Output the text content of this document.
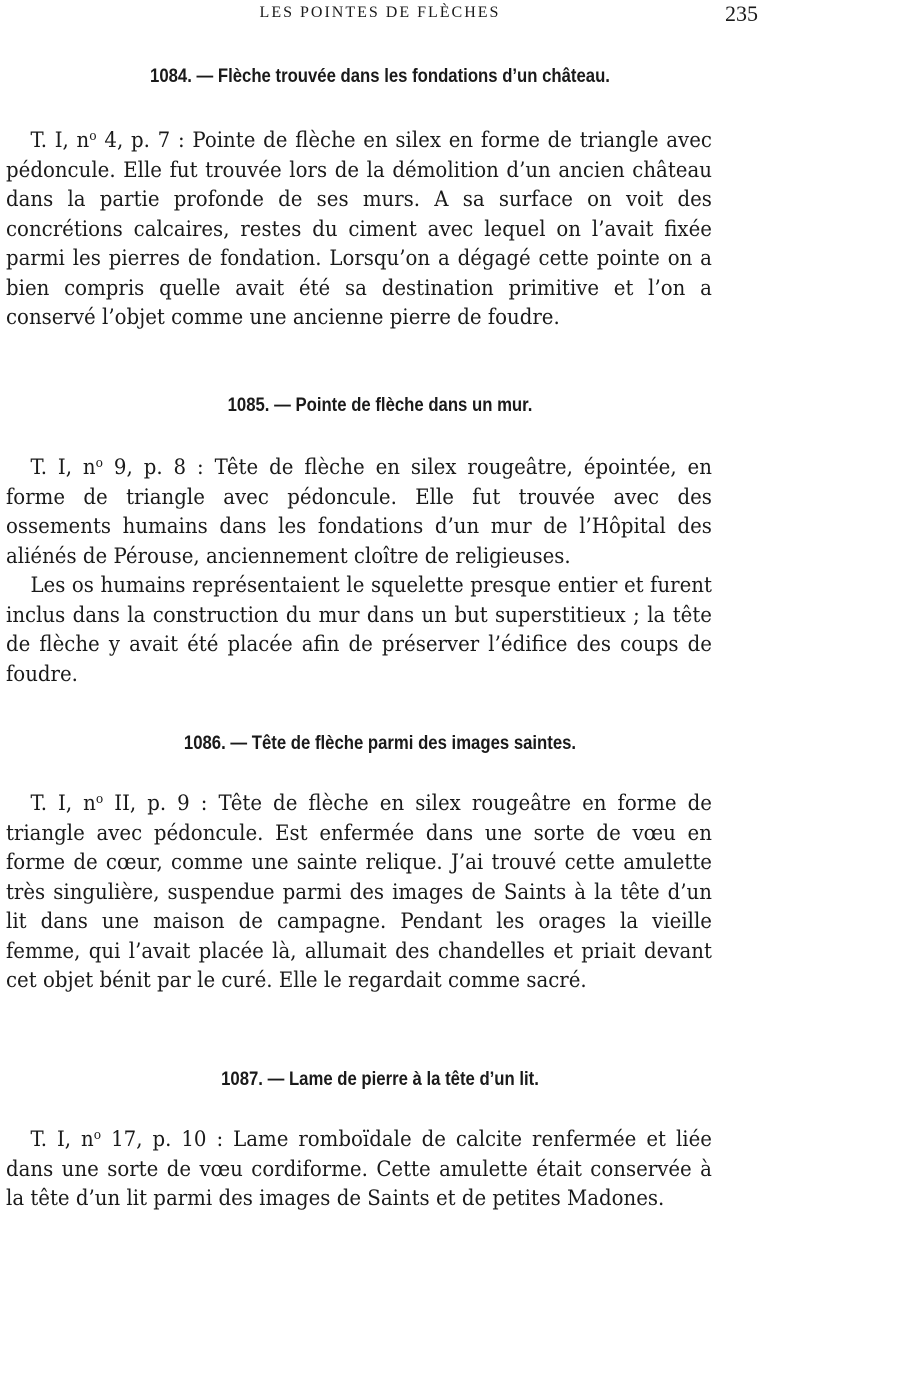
LES POINTES DE FLÈCHES	235
1084. — Flèche trouvée dans les fondations d’un château.

T. I, $n^o$ 4, p. 7 : Pointe de flèche en silex en forme de triangle avec pédoncule. Elle fut trouvée lors de la démolition d’un ancien château dans la partie profonde de ses murs. A sa surface on voit des concrétions calcaires, restes du ciment avec lequel on l’avait fixée parmi les pierres de fondation. Lorsqu’on a dégagé cette pointe on a bien compris quelle avait été sa destination primitive et l’on a conservé l’objet comme une ancienne pierre de foudre.

1085. — Pointe de flèche dans un mur.

T. I, $n^o$ 9, p. 8 : Tête de flèche en silex rougeâtre, épointée, en forme de triangle avec pédoncule. Elle fut trouvée avec des ossements humains dans les fondations d’un mur de l’Hôpital des aliénés de Pérouse, anciennement cloître de religieuses.

Les os humains représentaient le squelette presque entier et furent inclus dans la construction du mur dans un but superstitieux ; la tête de flèche y avait été placée afin de préserver l’édifice des coups de foudre.

1086. — Tête de flèche parmi des images saintes.

T. I, $n^o$ II, p. 9 : Tête de flèche en silex rougeâtre en forme de triangle avec pédoncule. Est enfermée dans une sorte de vœu en forme de cœur, comme une sainte relique. J’ai trouvé cette amulette très singulière, suspendue parmi des images de Saints à la tête d’un lit dans une maison de campagne. Pendant les orages la vieille femme, qui l’avait placée là, allumait des chandelles et priait devant cet objet bénit par le curé. Elle le regardait comme sacré.

1087. — Lame de pierre à la tête d’un lit.

T. I, $n^o$ 17, p. 10 : Lame romboïdale de calcite renfermée et liée dans une sorte de vœu cordiforme. Cette amulette était conservée à la tête d’un lit parmi des images de Saints et de petites Madones.
